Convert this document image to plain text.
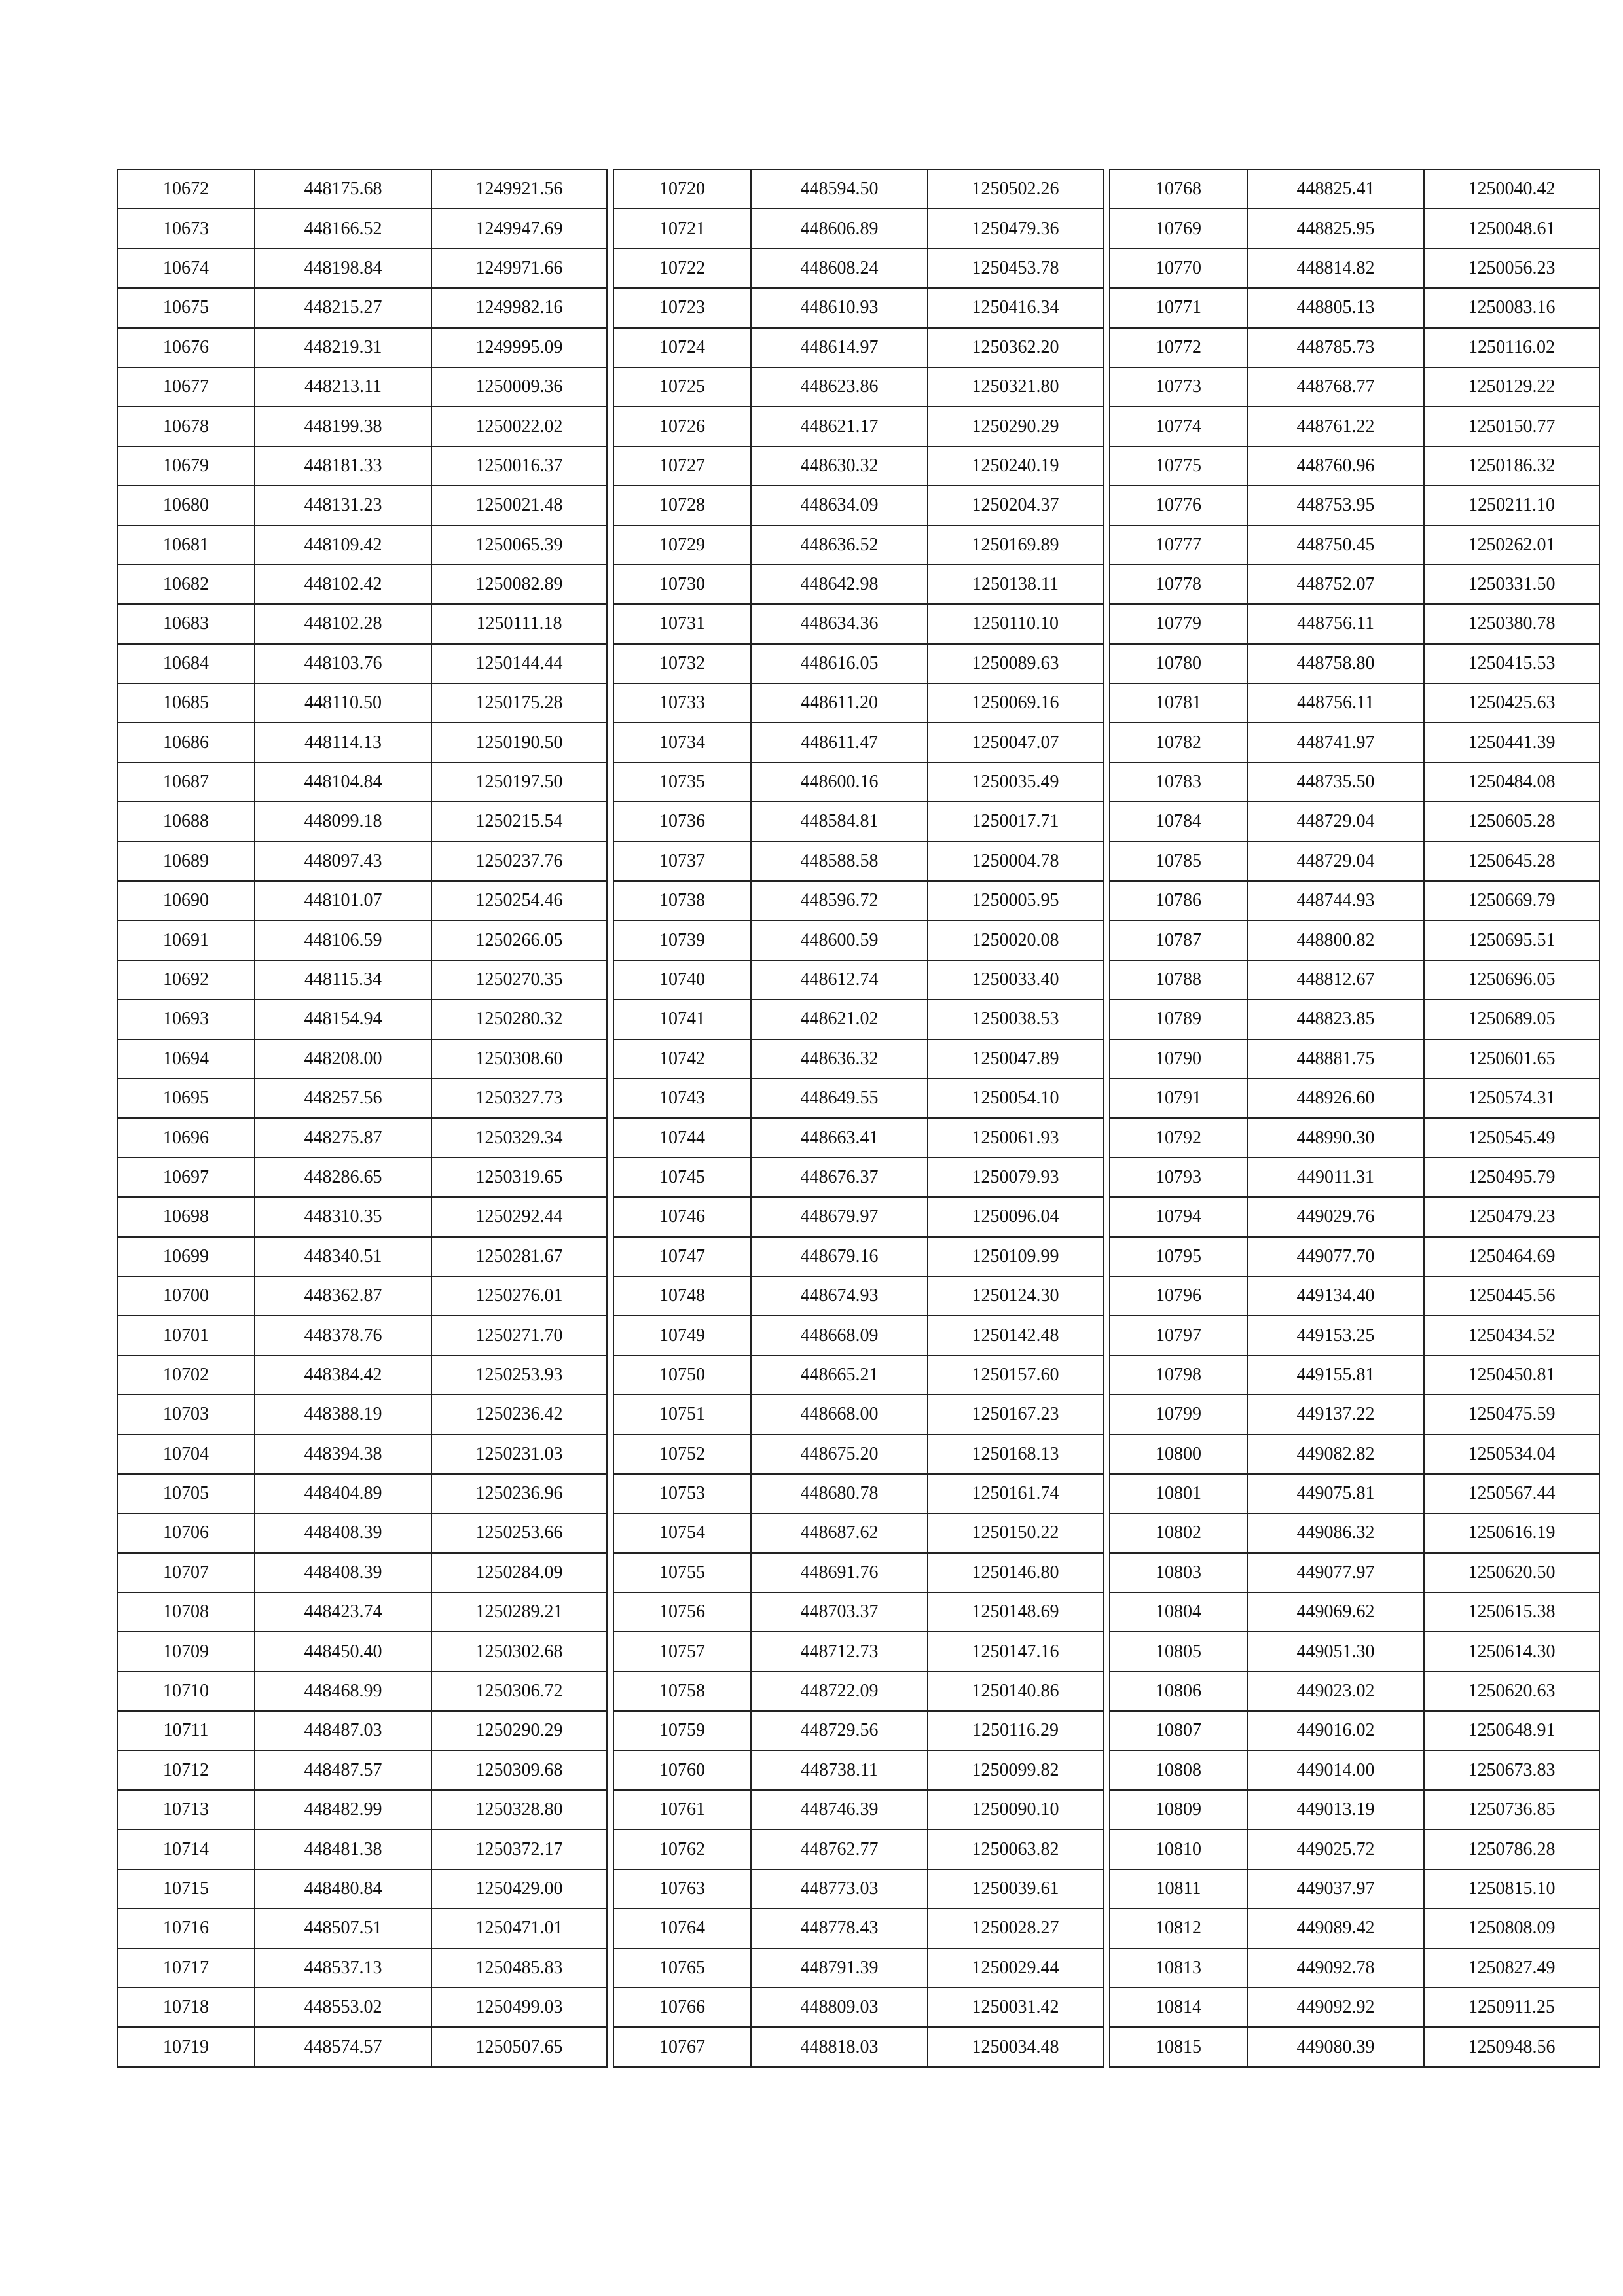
10672	448175.68	1249921.56
10673	448166.52	1249947.69
10674	448198.84	1249971.66
10675	448215.27	1249982.16
10676	448219.31	1249995.09
10677	448213.11	1250009.36
10678	448199.38	1250022.02
10679	448181.33	1250016.37
10680	448131.23	1250021.48
10681	448109.42	1250065.39
10682	448102.42	1250082.89
10683	448102.28	1250111.18
10684	448103.76	1250144.44
10685	448110.50	1250175.28
10686	448114.13	1250190.50
10687	448104.84	1250197.50
10688	448099.18	1250215.54
10689	448097.43	1250237.76
10690	448101.07	1250254.46
10691	448106.59	1250266.05
10692	448115.34	1250270.35
10693	448154.94	1250280.32
10694	448208.00	1250308.60
10695	448257.56	1250327.73
10696	448275.87	1250329.34
10697	448286.65	1250319.65
10698	448310.35	1250292.44
10699	448340.51	1250281.67
10700	448362.87	1250276.01
10701	448378.76	1250271.70
10702	448384.42	1250253.93
10703	448388.19	1250236.42
10704	448394.38	1250231.03
10705	448404.89	1250236.96
10706	448408.39	1250253.66
10707	448408.39	1250284.09
10708	448423.74	1250289.21
10709	448450.40	1250302.68
10710	448468.99	1250306.72
10711	448487.03	1250290.29
10712	448487.57	1250309.68
10713	448482.99	1250328.80
10714	448481.38	1250372.17
10715	448480.84	1250429.00
10716	448507.51	1250471.01
10717	448537.13	1250485.83
10718	448553.02	1250499.03
10719	448574.57	1250507.65
10720	448594.50	1250502.26
10721	448606.89	1250479.36
10722	448608.24	1250453.78
10723	448610.93	1250416.34
10724	448614.97	1250362.20
10725	448623.86	1250321.80
10726	448621.17	1250290.29
10727	448630.32	1250240.19
10728	448634.09	1250204.37
10729	448636.52	1250169.89
10730	448642.98	1250138.11
10731	448634.36	1250110.10
10732	448616.05	1250089.63
10733	448611.20	1250069.16
10734	448611.47	1250047.07
10735	448600.16	1250035.49
10736	448584.81	1250017.71
10737	448588.58	1250004.78
10738	448596.72	1250005.95
10739	448600.59	1250020.08
10740	448612.74	1250033.40
10741	448621.02	1250038.53
10742	448636.32	1250047.89
10743	448649.55	1250054.10
10744	448663.41	1250061.93
10745	448676.37	1250079.93
10746	448679.97	1250096.04
10747	448679.16	1250109.99
10748	448674.93	1250124.30
10749	448668.09	1250142.48
10750	448665.21	1250157.60
10751	448668.00	1250167.23
10752	448675.20	1250168.13
10753	448680.78	1250161.74
10754	448687.62	1250150.22
10755	448691.76	1250146.80
10756	448703.37	1250148.69
10757	448712.73	1250147.16
10758	448722.09	1250140.86
10759	448729.56	1250116.29
10760	448738.11	1250099.82
10761	448746.39	1250090.10
10762	448762.77	1250063.82
10763	448773.03	1250039.61
10764	448778.43	1250028.27
10765	448791.39	1250029.44
10766	448809.03	1250031.42
10767	448818.03	1250034.48
10768	448825.41	1250040.42
10769	448825.95	1250048.61
10770	448814.82	1250056.23
10771	448805.13	1250083.16
10772	448785.73	1250116.02
10773	448768.77	1250129.22
10774	448761.22	1250150.77
10775	448760.96	1250186.32
10776	448753.95	1250211.10
10777	448750.45	1250262.01
10778	448752.07	1250331.50
10779	448756.11	1250380.78
10780	448758.80	1250415.53
10781	448756.11	1250425.63
10782	448741.97	1250441.39
10783	448735.50	1250484.08
10784	448729.04	1250605.28
10785	448729.04	1250645.28
10786	448744.93	1250669.79
10787	448800.82	1250695.51
10788	448812.67	1250696.05
10789	448823.85	1250689.05
10790	448881.75	1250601.65
10791	448926.60	1250574.31
10792	448990.30	1250545.49
10793	449011.31	1250495.79
10794	449029.76	1250479.23
10795	449077.70	1250464.69
10796	449134.40	1250445.56
10797	449153.25	1250434.52
10798	449155.81	1250450.81
10799	449137.22	1250475.59
10800	449082.82	1250534.04
10801	449075.81	1250567.44
10802	449086.32	1250616.19
10803	449077.97	1250620.50
10804	449069.62	1250615.38
10805	449051.30	1250614.30
10806	449023.02	1250620.63
10807	449016.02	1250648.91
10808	449014.00	1250673.83
10809	449013.19	1250736.85
10810	449025.72	1250786.28
10811	449037.97	1250815.10
10812	449089.42	1250808.09
10813	449092.78	1250827.49
10814	449092.92	1250911.25
10815	449080.39	1250948.56
